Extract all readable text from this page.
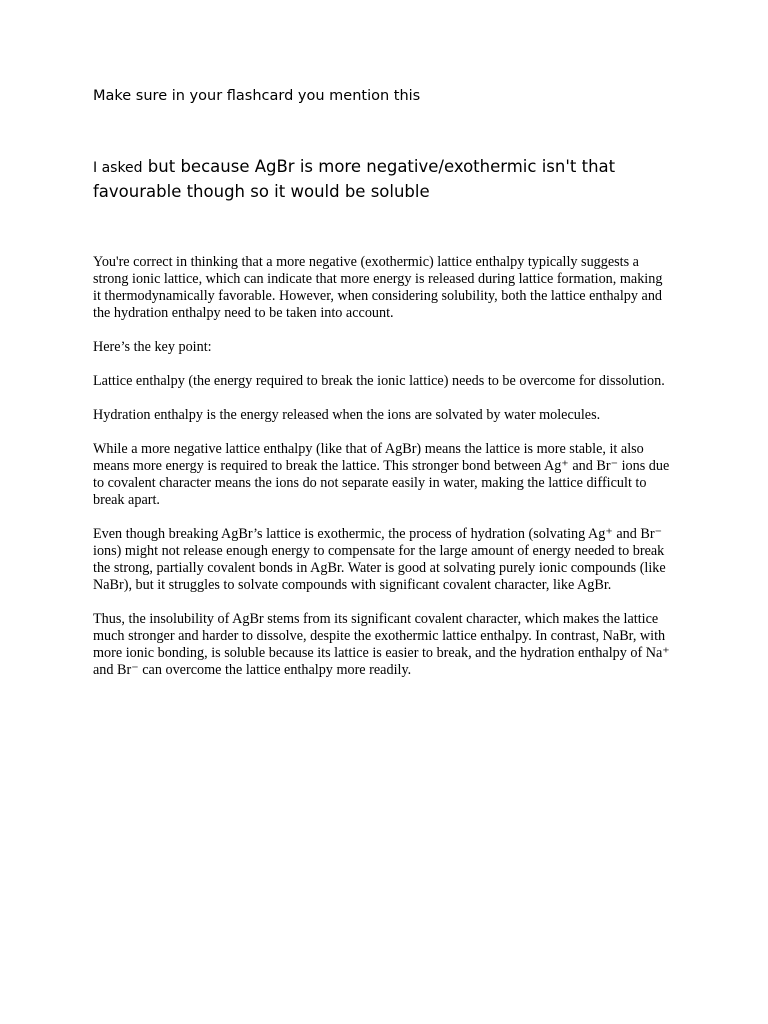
Make sure in your flashcard you mention this

I asked but because AgBr is more negative/exothermic isn't that favourable though so it would be soluble

You're correct in thinking that a more negative (exothermic) lattice enthalpy typically suggests a strong ionic lattice, which can indicate that more energy is released during lattice formation, making it thermodynamically favorable. However, when considering solubility, both the lattice enthalpy and the hydration enthalpy need to be taken into account.

Here’s the key point:

Lattice enthalpy (the energy required to break the ionic lattice) needs to be overcome for dissolution.

Hydration enthalpy is the energy released when the ions are solvated by water molecules.

While a more negative lattice enthalpy (like that of AgBr) means the lattice is more stable, it also means more energy is required to break the lattice. This stronger bond between Ag⁺ and Br⁻ ions due to covalent character means the ions do not separate easily in water, making the lattice difficult to break apart.

Even though breaking AgBr’s lattice is exothermic, the process of hydration (solvating Ag⁺ and Br⁻ ions) might not release enough energy to compensate for the large amount of energy needed to break the strong, partially covalent bonds in AgBr. Water is good at solvating purely ionic compounds (like NaBr), but it struggles to solvate compounds with significant covalent character, like AgBr.

Thus, the insolubility of AgBr stems from its significant covalent character, which makes the lattice much stronger and harder to dissolve, despite the exothermic lattice enthalpy. In contrast, NaBr, with more ionic bonding, is soluble because its lattice is easier to break, and the hydration enthalpy of Na⁺ and Br⁻ can overcome the lattice enthalpy more readily.
